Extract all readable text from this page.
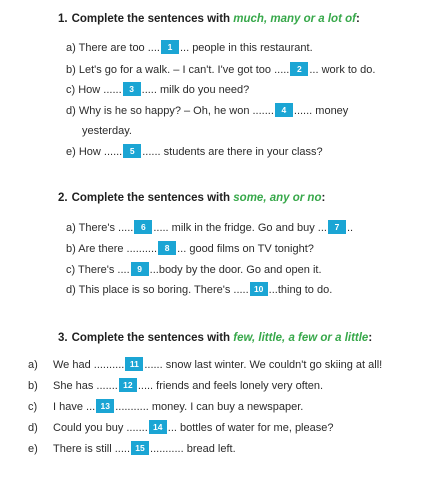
1. Complete the sentences with much, many or a lot of:
a) There are too .... 1 ... people in this restaurant.
b) Let's go for a walk. – I can't. I've got too ..... 2 ... work to do.
c) How ...... 3 ..... milk do you need?
d) Why is he so happy? – Oh, he won ....... 4 ...... money
yesterday.
e) How ...... 5 ...... students are there in your class?
2. Complete the sentences with some, any or no:
a) There's ..... 6 ..... milk in the fridge. Go and buy ... 7 ..
b) Are there .......... 8 ... good films on TV tonight?
c) There's .... 9 ...body by the door. Go and open it.
d) This place is so boring. There's ..... 10 ...thing to do.
3. Complete the sentences with few, little, a few or a little:
a) We had .......... 11 ...... snow last winter. We couldn't go skiing at all!
b) She has ....... 12 ..... friends and feels lonely very often.
c) I have ... 13 ........... money. I can buy a newspaper.
d) Could you buy ....... 14 ... bottles of water for me, please?
e) There is still ..... 15 ........... bread left.
